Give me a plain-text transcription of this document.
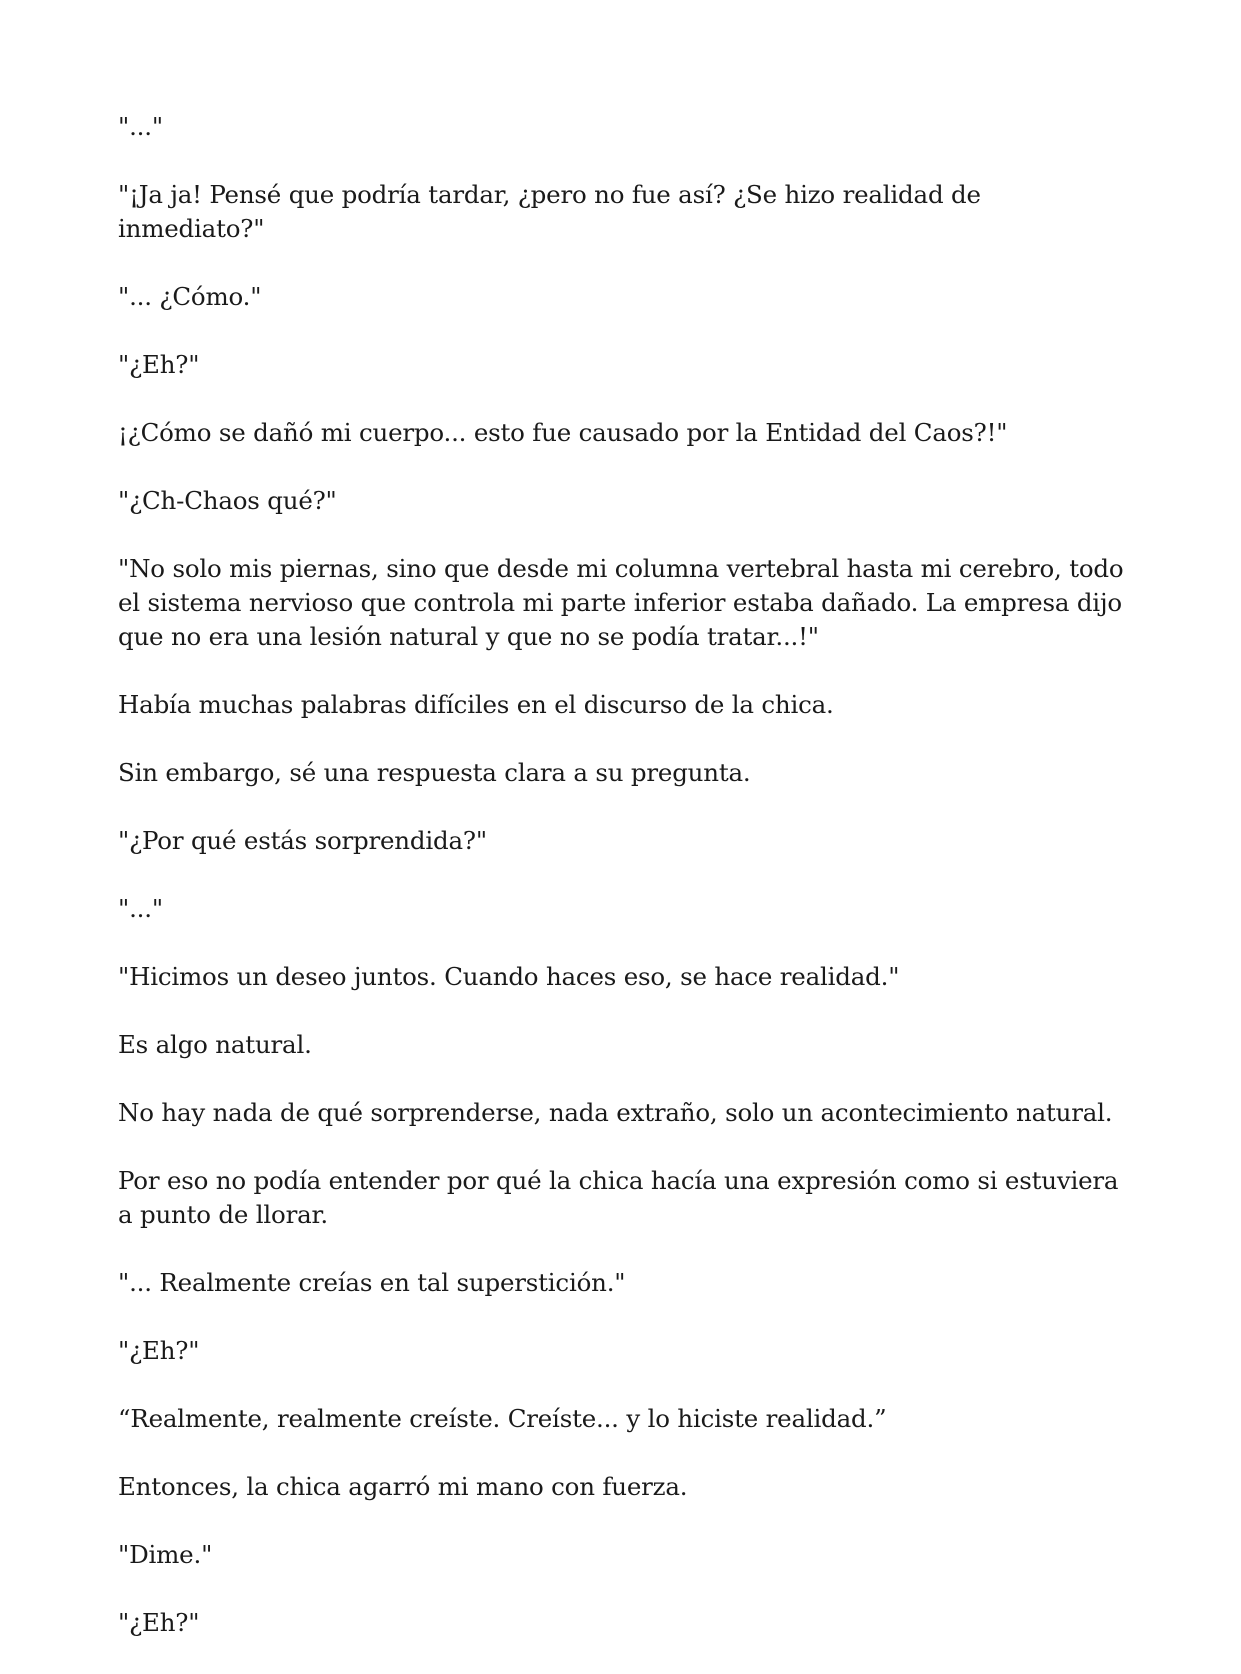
"..."

"¡Ja ja! Pensé que podría tardar, ¿pero no fue así? ¿Se hizo realidad de inmediato?"

"... ¿Cómo."

"¿Eh?"

¡¿Cómo se dañó mi cuerpo... esto fue causado por la Entidad del Caos?!"

"¿Ch-Chaos qué?"

"No solo mis piernas, sino que desde mi columna vertebral hasta mi cerebro, todo el sistema nervioso que controla mi parte inferior estaba dañado. La empresa dijo que no era una lesión natural y que no se podía tratar...!"

Había muchas palabras difíciles en el discurso de la chica.

Sin embargo, sé una respuesta clara a su pregunta.

"¿Por qué estás sorprendida?"

"..."

"Hicimos un deseo juntos. Cuando haces eso, se hace realidad."

Es algo natural.

No hay nada de qué sorprenderse, nada extraño, solo un acontecimiento natural.

Por eso no podía entender por qué la chica hacía una expresión como si estuviera a punto de llorar.

"... Realmente creías en tal superstición."

"¿Eh?"

“Realmente, realmente creíste. Creíste... y lo hiciste realidad.”

Entonces, la chica agarró mi mano con fuerza.

"Dime."

"¿Eh?"
